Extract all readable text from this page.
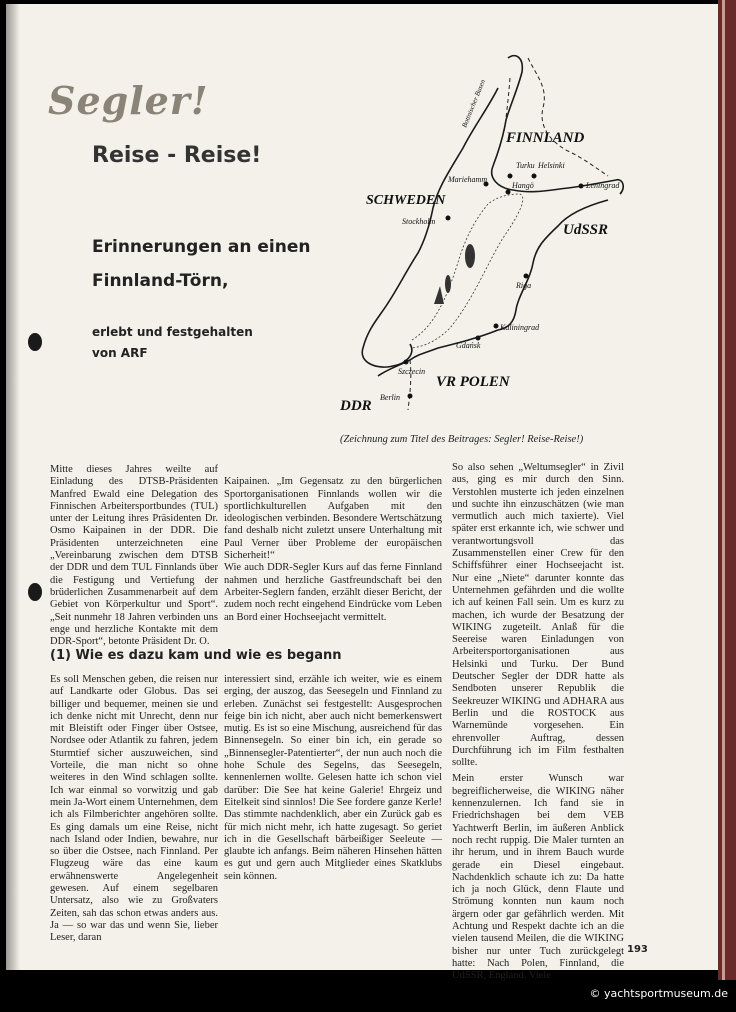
Segler!
Reise - Reise!
Erinnerungen an einen
Finnland-Törn,
erlebt und festgehalten
von ARF
FINNLAND
SCHWEDEN
UdSSR
VR POLEN
DDR
Bottnischer Busen
Turku Helsinki
Mariehamm
Hangö	Leningrad
Stockholm
Riga
Kaliningrad
Gdańsk
Szczecin
Berlin
(Zeichnung zum Titel des Beitrages: Segler! Reise-Reise!)

Mitte dieses Jahres weilte auf Einladung des DTSB-Präsidenten Manfred Ewald eine Delegation des Finnischen Arbeitersportbundes (TUL) unter der Leitung ihres Präsidenten Dr. Osmo Kaipainen in der DDR. Die Präsidenten unterzeichneten eine „Vereinbarung zwischen dem DTSB der DDR und dem TUL Finnlands über die Festigung und Vertiefung der brüderlichen Zusammenarbeit auf dem Gebiet von Körperkultur und Sport“. „Seit nunmehr 18 Jahren verbinden uns enge und herzliche Kontakte mit dem DDR-Sport“, betonte Präsident Dr. O.

Kaipainen. „Im Gegensatz zu den bürgerlichen Sportorganisationen Finnlands wollen wir die sportlichkulturellen Aufgaben mit den ideologischen verbinden. Besondere Wertschätzung fand deshalb nicht zuletzt unsere Unterhaltung mit Paul Verner über Probleme der europäischen Sicherheit!“
Wie auch DDR-Segler Kurs auf das ferne Finnland nahmen und herzliche Gastfreundschaft bei den Arbeiter-Seglern fanden, erzählt dieser Bericht, der zudem noch recht eingehend Eindrücke vom Leben an Bord einer Hochseejacht vermittelt.

(1) Wie es dazu kam und wie es begann

Es soll Menschen geben, die reisen nur auf Landkarte oder Globus. Das sei billiger und bequemer, meinen sie und ich denke nicht mit Unrecht, denn nur mit Bleistift oder Finger über Ostsee, Nordsee oder Atlantik zu fahren, jedem Sturmtief sicher auszuweichen, sind Vorteile, die man nicht so ohne weiteres in den Wind schlagen sollte. Ich war einmal so vorwitzig und gab mein Ja-Wort einem Unternehmen, dem ich als Filmberichter angehören sollte. Es ging damals um eine Reise, nicht nach Island oder Indien, bewahre, nur so über die Ostsee, nach Finnland. Per Flugzeug wäre das eine kaum erwähnenswerte Angelegenheit gewesen. Auf einem segelbaren Untersatz, also wie zu Großvaters Zeiten, sah das schon etwas anders aus. Ja — so war das und wenn Sie, lieber Leser, daran

interessiert sind, erzähle ich weiter, wie es einem erging, der auszog, das Seesegeln und Finnland zu erleben. Zunächst sei festgestellt: Ausgesprochen feige bin ich nicht, aber auch nicht bemerkenswert mutig. Es ist so eine Mischung, ausreichend für das Binnensegeln. So einer bin ich, ein gerade so „Binnensegler-Patentierter“, der nun auch noch die hohe Schule des Segelns, das Seesegeln, kennenlernen wollte. Gelesen hatte ich schon viel darüber: Die See hat keine Galerie! Ehrgeiz und Eitelkeit sind sinnlos! Die See fordere ganze Kerle! Das stimmte nachdenklich, aber ein Zurück gab es für mich nicht mehr, ich hatte zugesagt. So geriet ich in die Gesellschaft bärbeißiger Seeleute — glaubte ich anfangs. Beim näheren Hinsehen hätten es gut und gern auch Mitglieder eines Skatklubs sein können.

So also sehen „Weltumsegler“ in Zivil aus, ging es mir durch den Sinn. Verstohlen musterte ich jeden einzelnen und suchte ihn einzuschätzen (wie man vermutlich auch mich taxierte). Viel später erst erkannte ich, wie schwer und verantwortungsvoll das Zusammenstellen einer Crew für den Schiffsführer einer Hochseejacht ist. Nur eine „Niete“ darunter konnte das Unternehmen gefährden und die wollte ich auf keinen Fall sein. Um es kurz zu machen, ich wurde der Besatzung der WIKING zugeteilt. Anlaß für die Seereise waren Einladungen von Arbeitersportorganisationen aus Helsinki und Turku. Der Bund Deutscher Segler der DDR hatte als Sendboten unserer Republik die Seekreuzer WIKING und ADHARA aus Berlin und die ROSTOCK aus Warnemünde vorgesehen. Ein ehrenvoller Auftrag, dessen Durchführung ich im Film festhalten sollte.

Mein erster Wunsch war begreiflicherweise, die WIKING näher kennenzulernen. Ich fand sie in Friedrichshagen bei dem VEB Yachtwerft Berlin, im äußeren Anblick noch recht ruppig. Die Maler turnten an ihr herum, und in ihrem Bauch wurde gerade ein Diesel eingebaut. Nachdenklich schaute ich zu: Da hatte ich ja noch Glück, denn Flaute und Strömung konnten nun kaum noch ärgern oder gar gefährlich werden. Mit Achtung und Respekt dachte ich an die vielen tausend Meilen, die die WIKING bisher nur unter Tuch zurückgelegt hatte: Nach Polen, Finnland, die UdSSR, England. Viele

193
© yachtsportmuseum.de
